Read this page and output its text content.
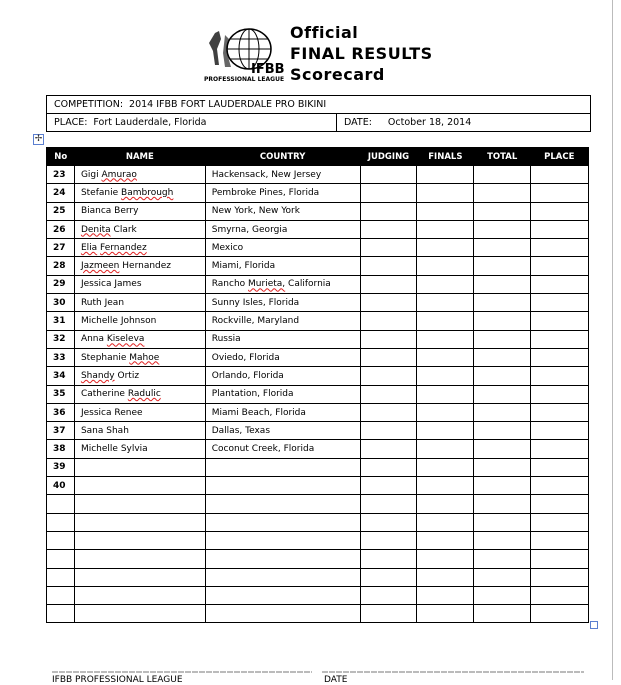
IFBB
PROFESSIONAL LEAGUE
Official
FINAL RESULTS
Scorecard
COMPETITION: 2014 IFBB FORT LAUDERDALE PRO BIKINI
PLACE: Fort Lauderdale, Florida	DATE: October 18, 2014
✢
No	NAME	COUNTRY	JUDGING	FINALS	TOTAL	PLACE
23	Gigi Amurao	Hackensack, New Jersey				
24	Stefanie Bambrough	Pembroke Pines, Florida				
25	Bianca Berry	New York, New York				
26	Denita Clark	Smyrna, Georgia				
27	Elia Fernandez	Mexico				
28	Jazmeen Hernandez	Miami, Florida				
29	Jessica James	Rancho Murieta, California				
30	Ruth Jean	Sunny Isles, Florida				
31	Michelle Johnson	Rockville, Maryland				
32	Anna Kiseleva	Russia				
33	Stephanie Mahoe	Oviedo, Florida				
34	Shandy Ortiz	Orlando, Florida				
35	Catherine Radulic	Plantation, Florida				
36	Jessica Renee	Miami Beach, Florida				
37	Sana Shah	Dallas, Texas				
38	Michelle Sylvia	Coconut Creek, Florida				
39						
40						

IFBB PROFESSIONAL LEAGUE	DATE
